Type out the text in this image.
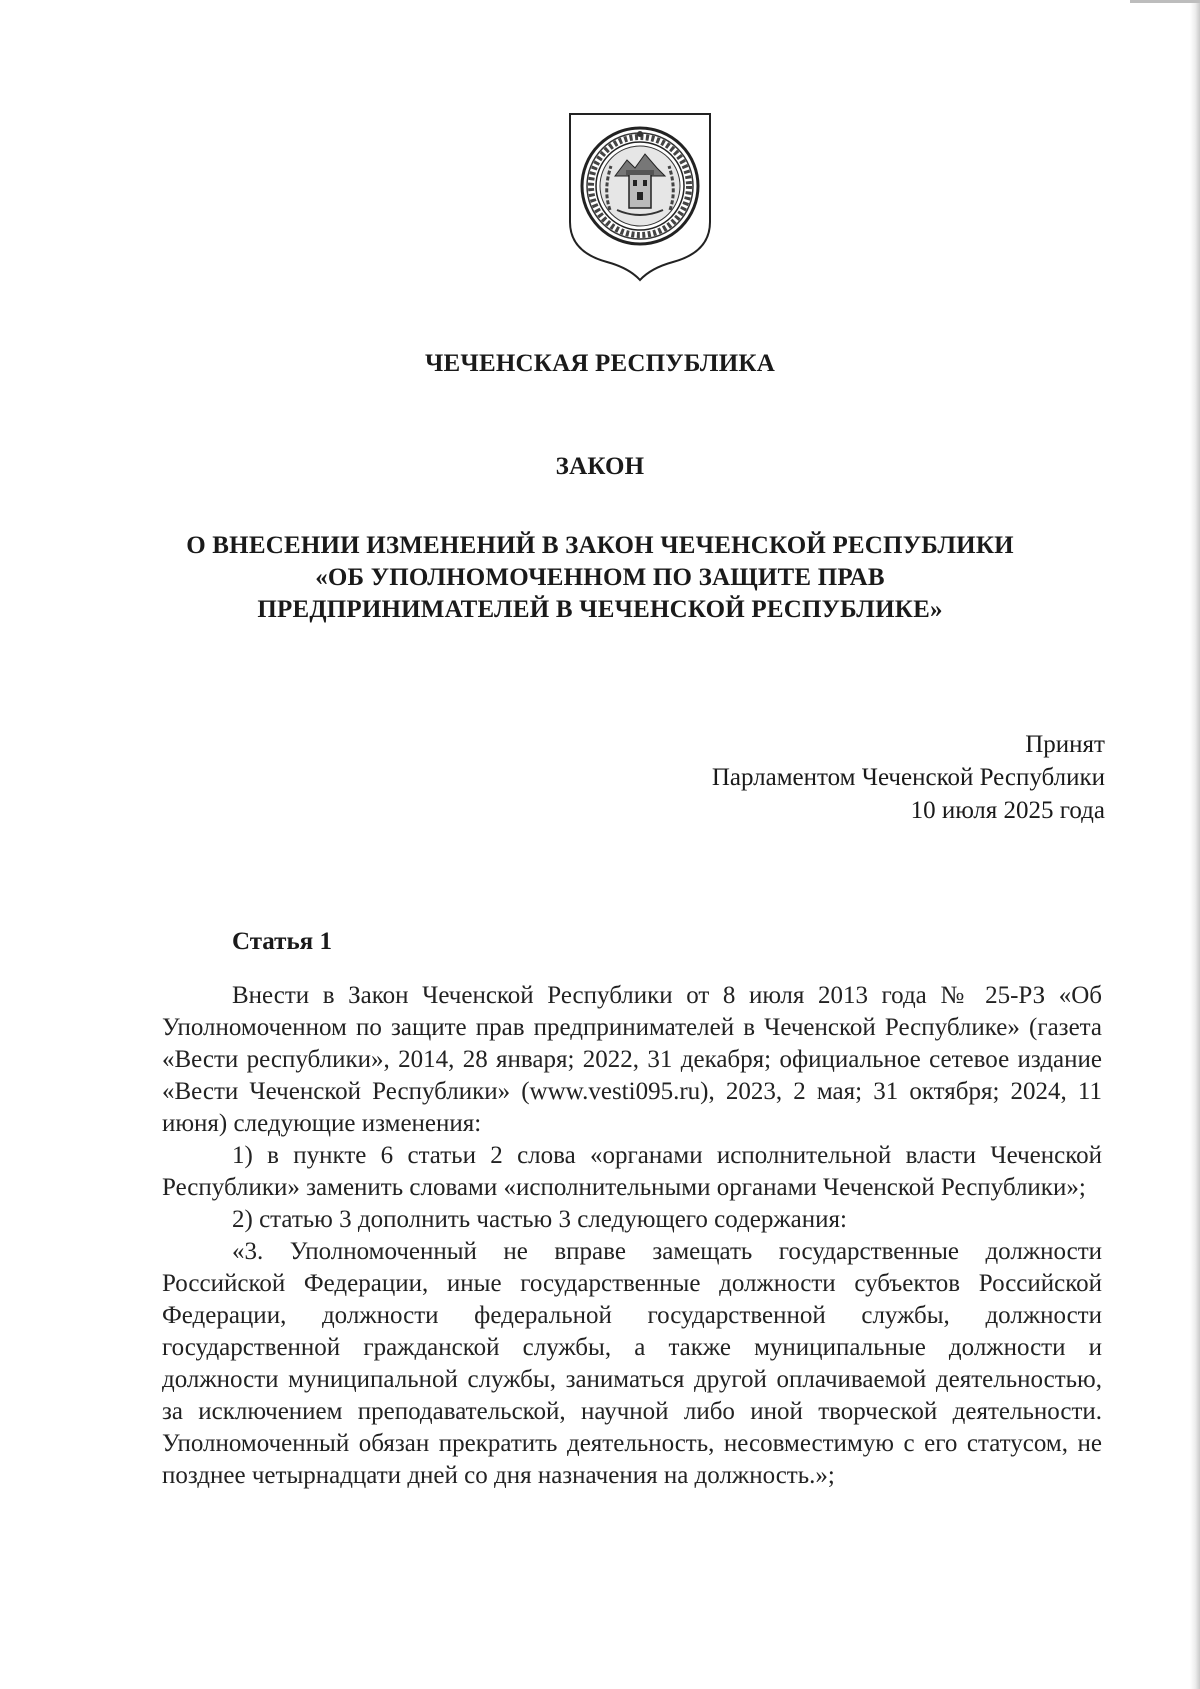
ЧЕЧЕНСКАЯ РЕСПУБЛИКА
ЗАКОН
О ВНЕСЕНИИ ИЗМЕНЕНИЙ В ЗАКОН ЧЕЧЕНСКОЙ РЕСПУБЛИКИ
«ОБ УПОЛНОМОЧЕННОМ ПО ЗАЩИТЕ ПРАВ
ПРЕДПРИНИМАТЕЛЕЙ В ЧЕЧЕНСКОЙ РЕСПУБЛИКЕ»
Принят
Парламентом Чеченской Республики
10 июля 2025 года
Статья 1

Внести в Закон Чеченской Республики от 8 июля 2013 года № 25-РЗ «Об Уполномоченном по защите прав предпринимателей в Чеченской Республике» (газета «Вести республики», 2014, 28 января; 2022, 31 декабря; официальное сетевое издание «Вести Чеченской Республики» (www.vesti095.ru), 2023, 2 мая; 31 октября; 2024, 11 июня) следующие изменения:

1) в пункте 6 статьи 2 слова «органами исполнительной власти Чеченской Республики» заменить словами «исполнительными органами Чеченской Республики»;

2) статью 3 дополнить частью 3 следующего содержания:

«3. Уполномоченный не вправе замещать государственные должности Российской Федерации, иные государственные должности субъектов Российской Федерации, должности федеральной государственной службы, должности государственной гражданской службы, а также муниципальные должности и должности муниципальной службы, заниматься другой оплачиваемой деятельностью, за исключением преподавательской, научной либо иной творческой деятельности. Уполномоченный обязан прекратить деятельность, несовместимую с его статусом, не позднее четырнадцати дней со дня назначения на должность.»;
